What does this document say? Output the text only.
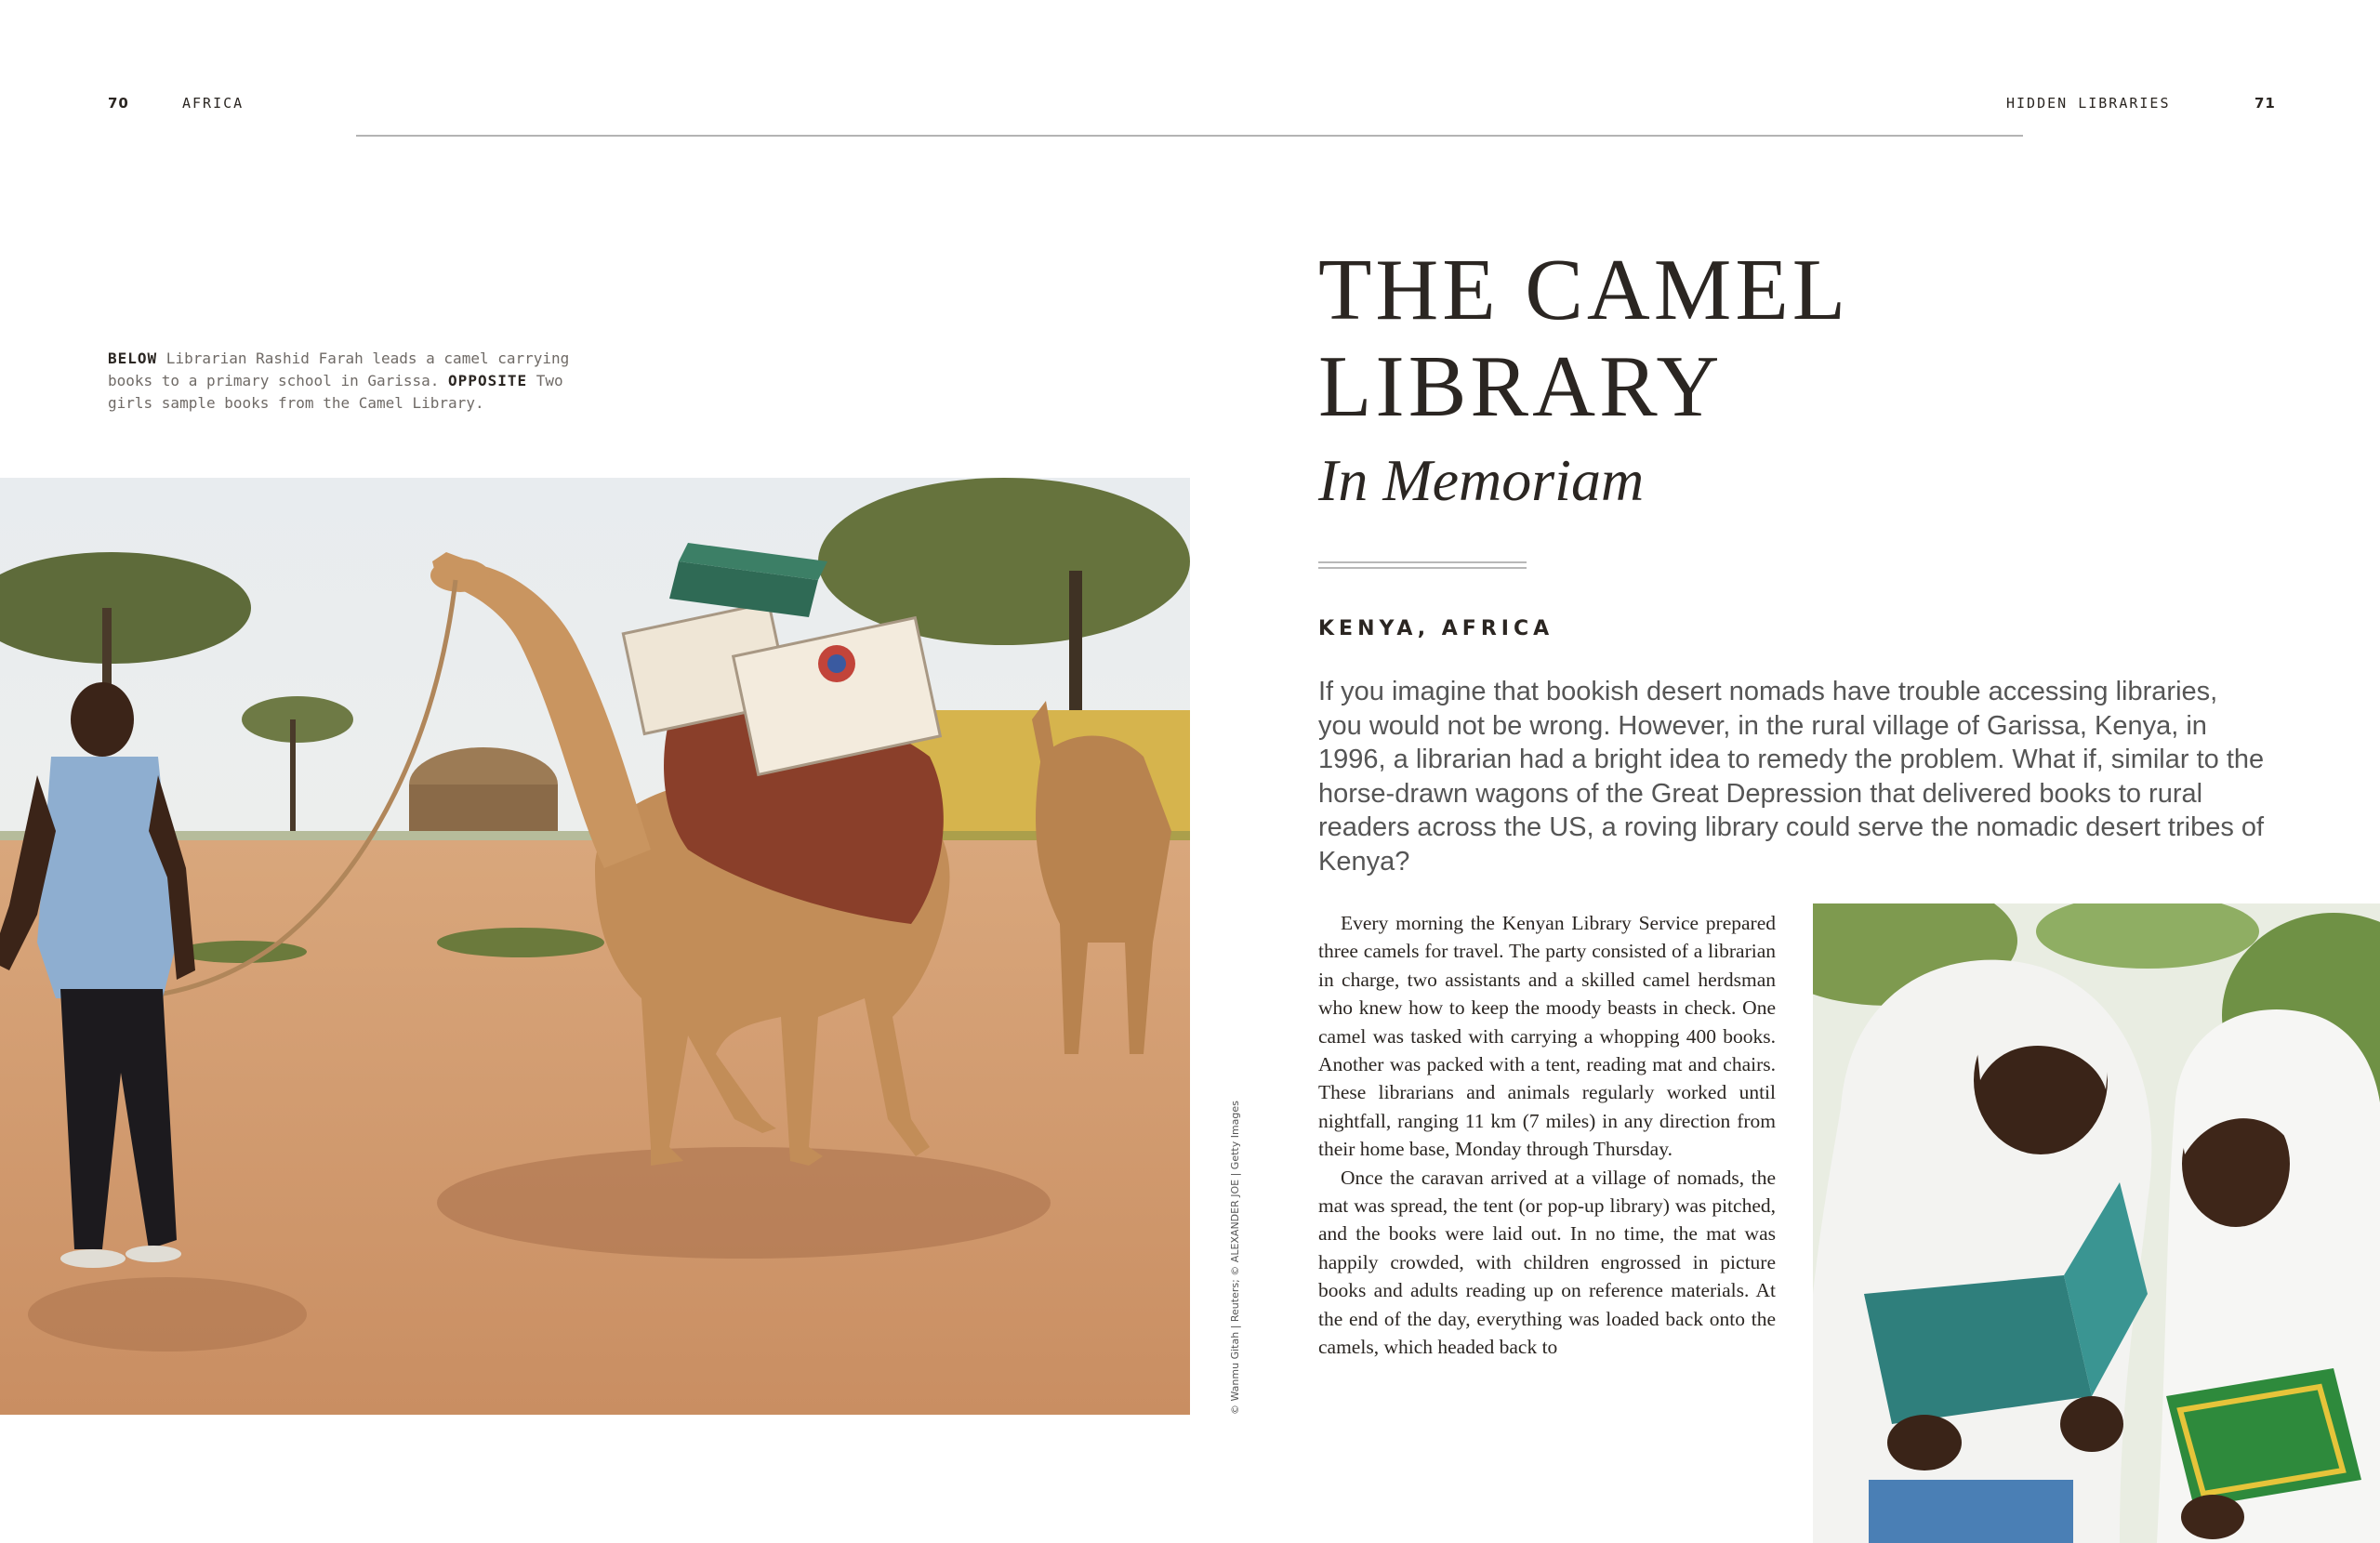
70	AFRICA	HIDDEN LIBRARIES	71
BELOW Librarian Rashid Farah leads a camel carrying books to a primary school in Garissa. OPPOSITE Two girls sample books from the Camel Library.
© Wanmu Gitah | Reuters; © ALEXANDER JOE | Getty Images
THE CAMEL
LIBRARY
In Memoriam
KENYA, AFRICA
If you imagine that bookish desert nomads have trouble accessing libraries, you would not be wrong. However, in the rural village of Garissa, Kenya, in 1996, a librarian had a bright idea to remedy the problem. What if, similar to the horse-drawn wagons of the Great Depression that delivered books to rural readers across the US, a roving library could serve the nomadic desert tribes of Kenya?

Every morning the Kenyan Library Service prepared three camels for travel. The party consisted of a librarian in charge, two assistants and a skilled camel herdsman who knew how to keep the moody beasts in check. One camel was tasked with carrying a whopping 400 books. Another was packed with a tent, reading mat and chairs. These librarians and animals regularly worked until nightfall, ranging 11 km (7 miles) in any direction from their home base, Monday through Thursday.

Once the caravan arrived at a village of nomads, the mat was spread, the tent (or pop-up library) was pitched, and the books were laid out. In no time, the mat was happily crowded, with children engrossed in picture books and adults reading up on reference materials. At the end of the day, everything was loaded back onto the camels, which headed back to
